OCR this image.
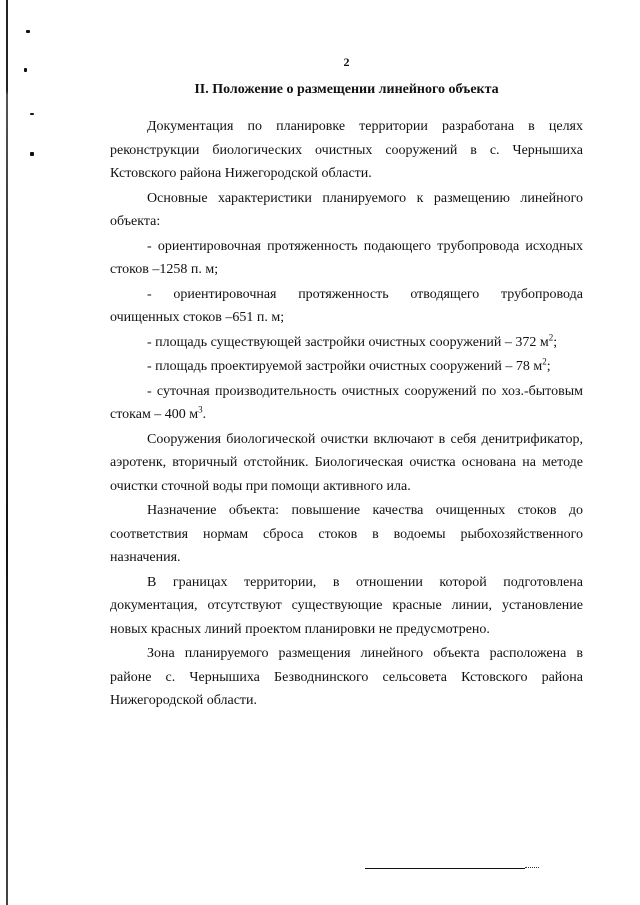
2
II. Положение о размещении линейного объекта

Документация по планировке территории разработана в целях реконструкции биологических очистных сооружений в с. Чернышиха Кстовского района Нижегородской области.

Основные характеристики планируемого к размещению линейного объекта:

- ориентировочная протяженность подающего трубопровода исходных стоков –1258 п. м;

- ориентировочная протяженность отводящего трубопровода очищенных стоков –651 п. м;

- площадь существующей застройки очистных сооружений – 372 $м^2$;

- площадь проектируемой застройки очистных сооружений – 78 $м^2$;

- суточная производительность очистных сооружений по хоз.-бытовым стокам – 400 $м^3$.

Сооружения биологической очистки включают в себя денитрификатор, аэротенк, вторичный отстойник. Биологическая очистка основана на методе очистки сточной воды при помощи активного ила.

Назначение объекта: повышение качества очищенных стоков до соответствия нормам сброса стоков в водоемы рыбохозяйственного назначения.

В границах территории, в отношении которой подготовлена документация, отсутствуют существующие красные линии, установление новых красных линий проектом планировки не предусмотрено.

Зона планируемого размещения линейного объекта расположена в районе с. Чернышиха Безводнинского сельсовета Кстовского района Нижегородской области.
